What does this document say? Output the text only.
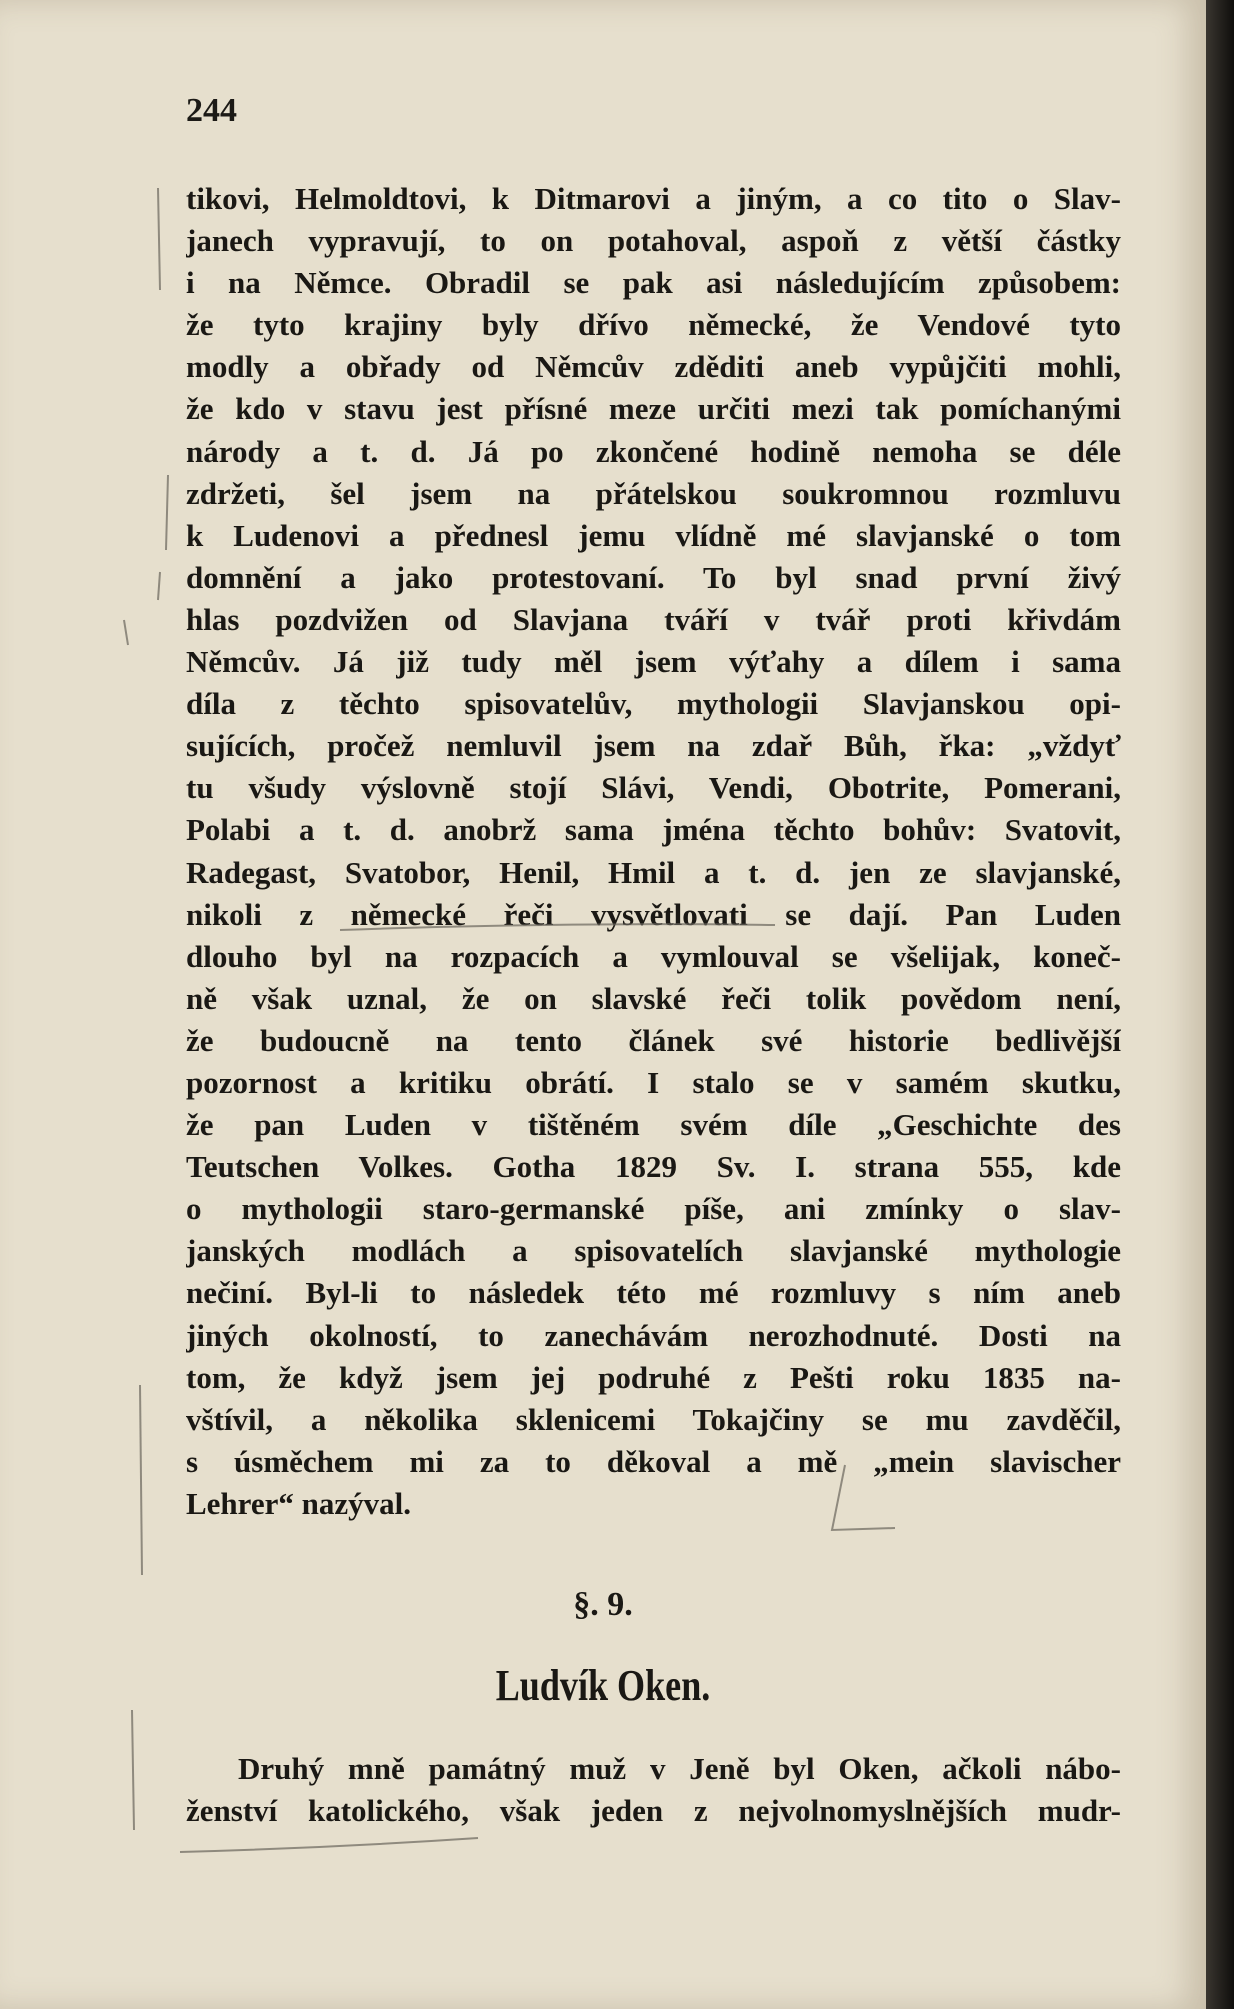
244
tikovi, Helmoldtovi, k Ditmarovi a jiným, a co tito o Slav-
janech vypravují, to on potahoval, aspoň z větší částky
i na Němce. Obradil se pak asi následujícím způsobem:
že tyto krajiny byly dřívo německé, že Vendové tyto
modly a obřady od Němcův zděditi aneb vypůjčiti mohli,
že kdo v stavu jest přísné meze určiti mezi tak pomíchanými
národy a t. d. Já po zkončené hodině nemoha se déle
zdržeti, šel jsem na přátelskou soukromnou rozmluvu
k Ludenovi a přednesl jemu vlídně mé slavjanské o tom
domnění a jako protestovaní. To byl snad první živý
hlas pozdvižen od Slavjana tváří v tvář proti křivdám
Němcův. Já již tudy měl jsem výťahy a dílem i sama
díla z těchto spisovatelův, mythologii Slavjanskou opi-
sujících, pročež nemluvil jsem na zdař Bůh, řka: „vždyť
tu všudy výslovně stojí Slávi, Vendi, Obotrite, Pomerani,
Polabi a t. d. anobrž sama jména těchto bohův: Svatovit,
Radegast, Svatobor, Henil, Hmil a t. d. jen ze slavjanské,
nikoli z německé řeči vysvětlovati se dají. Pan Luden
dlouho byl na rozpacích a vymlouval se všelijak, koneč-
ně však uznal, že on slavské řeči tolik povědom není,
že budoucně na tento článek své historie bedlivější
pozornost a kritiku obrátí. I stalo se v samém skutku,
že pan Luden v tištěném svém díle „Geschichte des
Teutschen Volkes. Gotha 1829 Sv. I. strana 555, kde
o mythologii staro-germanské píše, ani zmínky o slav-
janských modlách a spisovatelích slavjanské mythologie
nečiní. Byl-li to následek této mé rozmluvy s ním aneb
jiných okolností, to zanechávám nerozhodnuté. Dosti na
tom, že když jsem jej podruhé z Pešti roku 1835 na-
vštívil, a několika sklenicemi Tokajčiny se mu zavděčil,
s úsměchem mi za to děkoval a mě „mein slavischer
Lehrer“ nazýval.
§. 9.
Ludvík Oken.
Druhý mně památný muž v Jeně byl Oken, ačkoli nábo-
ženství katolického, však jeden z nejvolnomyslnějších mudr-
